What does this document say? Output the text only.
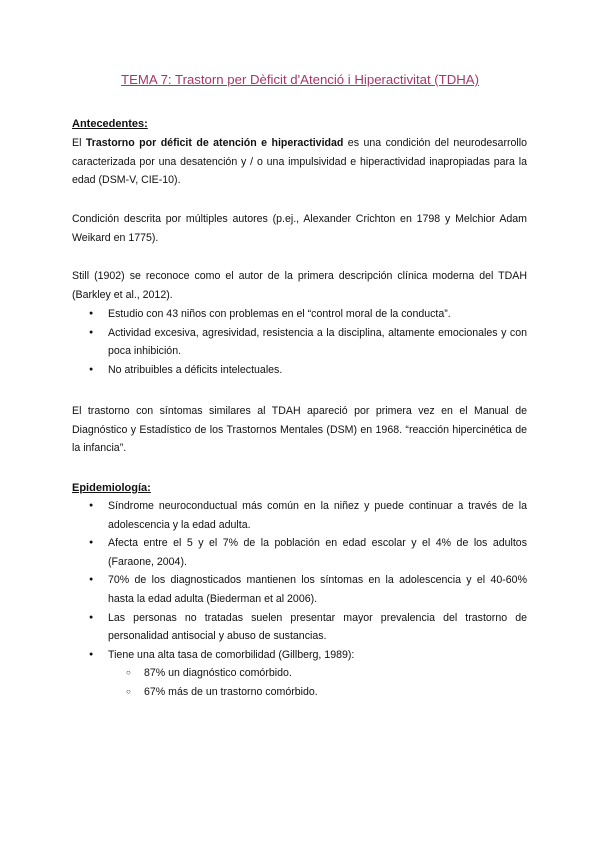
TEMA 7: Trastorn per Dèficit d'Atenció i Hiperactivitat (TDHA)
Antecedentes:

El Trastorno por déficit de atención e hiperactividad es una condición del neurodesarrollo caracterizada por una desatención y / o una impulsividad e hiperactividad inapropiadas para la edad (DSM-V, CIE-10).

Condición descrita por múltiples autores (p.ej., Alexander Crichton en 1798 y Melchior Adam Weikard en 1775).

Still (1902) se reconoce como el autor de la primera descripción clínica moderna del TDAH (Barkley et al., 2012).

● Estudio con 43 niños con problemas en el “control moral de la conducta”.
● Actividad excesiva, agresividad, resistencia a la disciplina, altamente emocionales y con poca inhibición.
● No atribuibles a déficits intelectuales.

El trastorno con síntomas similares al TDAH apareció por primera vez en el Manual de Diagnóstico y Estadístico de los Trastornos Mentales (DSM) en 1968. “reacción hipercinética de la infancia”.

Epidemiología:
● Síndrome neuroconductual más común en la niñez y puede continuar a través de la adolescencia y la edad adulta.
● Afecta entre el 5 y el 7% de la población en edad escolar y el 4% de los adultos (Faraone, 2004).
● 70% de los diagnosticados mantienen los síntomas en la adolescencia y el 40-60% hasta la edad adulta (Biederman et al 2006).
● Las personas no tratadas suelen presentar mayor prevalencia del trastorno de personalidad antisocial y abuso de sustancias.
● Tiene una alta tasa de comorbilidad (Gillberg, 1989):
○ 87% un diagnóstico comórbido.
○ 67% más de un trastorno comórbido.
